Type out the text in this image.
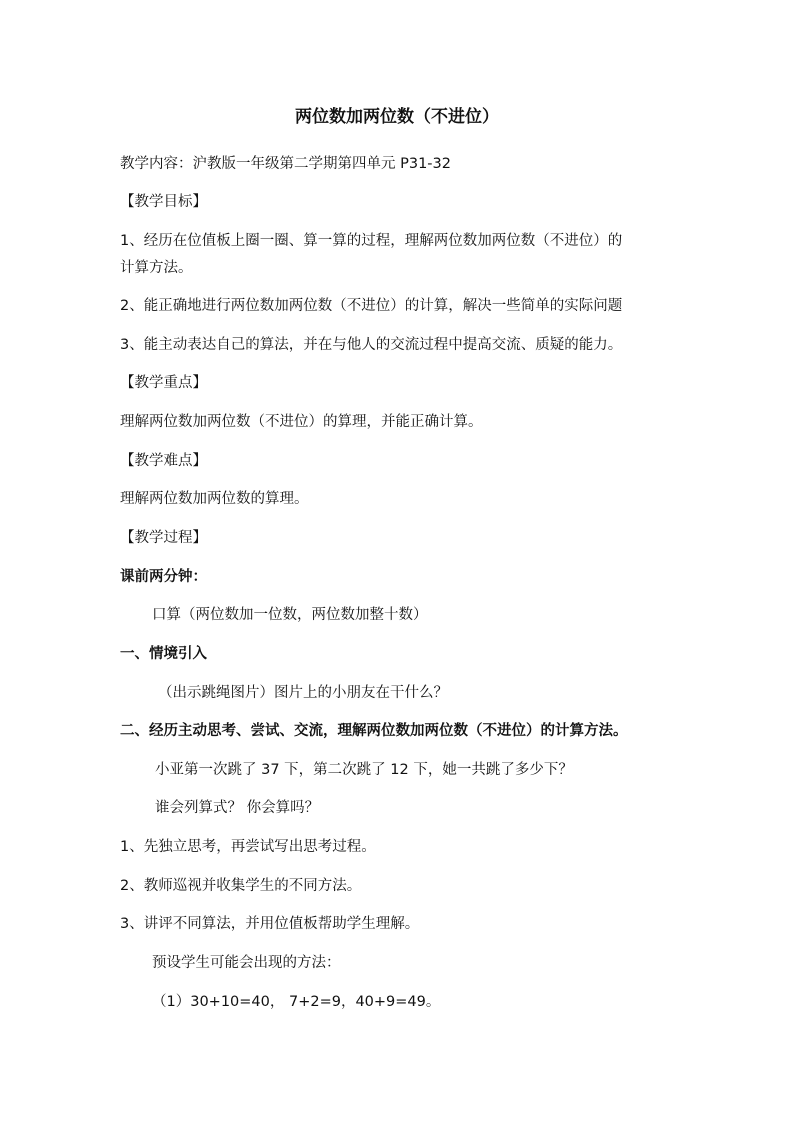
两位数加两位数（不进位）
教学内容：沪教版一年级第二学期第四单元 P31-32
【教学目标】
1、经历在位值板上圈一圈、算一算的过程，理解两位数加两位数（不进位）的
计算方法。
2、能正确地进行两位数加两位数（不进位）的计算，解决一些简单的实际问题
3、能主动表达自己的算法，并在与他人的交流过程中提高交流、质疑的能力。
【教学重点】
理解两位数加两位数（不进位）的算理，并能正确计算。
【教学难点】
理解两位数加两位数的算理。
【教学过程】
课前两分钟：
口算（两位数加一位数，两位数加整十数）
一、情境引入
（出示跳绳图片）图片上的小朋友在干什么？
二、经历主动思考、尝试、交流，理解两位数加两位数（不进位）的计算方法。
小亚第一次跳了 37 下，第二次跳了 12 下，她一共跳了多少下？
谁会列算式？ 你会算吗？
1、先独立思考，再尝试写出思考过程。
2、教师巡视并收集学生的不同方法。
3、讲评不同算法，并用位值板帮助学生理解。
预设学生可能会出现的方法：
（1）30+10=40， 7+2=9，40+9=49。
